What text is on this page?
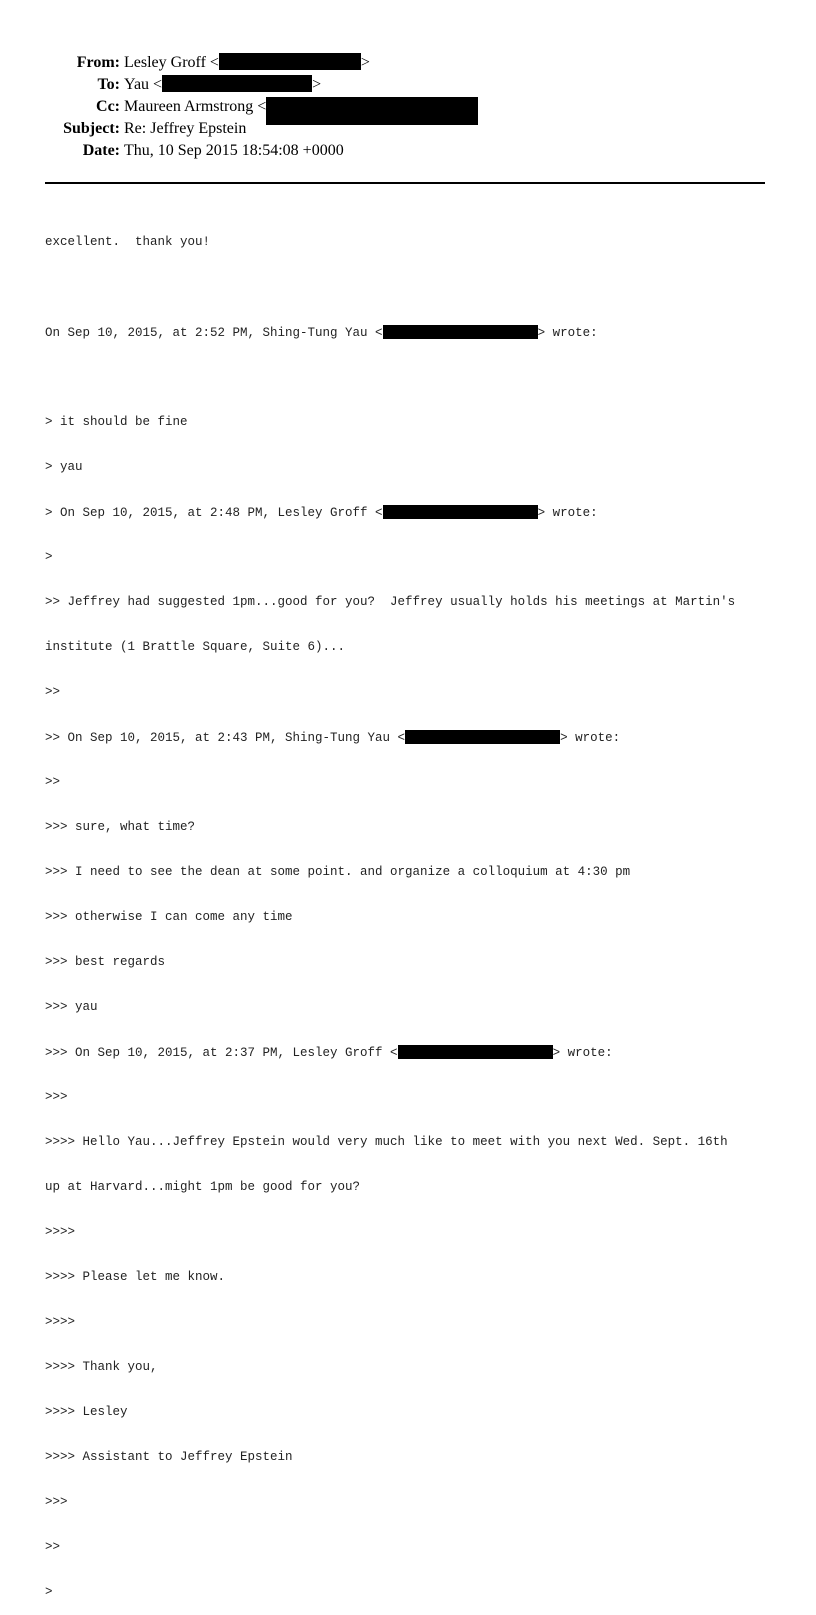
From: Lesley Groff <	>
To: Yau <	>
Cc: Maureen Armstrong <
Subject: Re: Jeffrey Epstein
Date: Thu, 10 Sep 2015 18:54:08 +0000

excellent.  thank you!

On Sep 10, 2015, at 2:52 PM, Shing-Tung Yau <	> wrote:

> it should be fine

> yau

> On Sep 10, 2015, at 2:48 PM, Lesley Groff <	> wrote:

>

>> Jeffrey had suggested 1pm...good for you?  Jeffrey usually holds his meetings at Martin's

institute (1 Brattle Square, Suite 6)...

>>

>> On Sep 10, 2015, at 2:43 PM, Shing-Tung Yau <	> wrote:

>>

>>> sure, what time?

>>> I need to see the dean at some point. and organize a colloquium at 4:30 pm

>>> otherwise I can come any time

>>> best regards

>>> yau

>>> On Sep 10, 2015, at 2:37 PM, Lesley Groff <	> wrote:

>>>

>>>> Hello Yau...Jeffrey Epstein would very much like to meet with you next Wed. Sept. 16th

up at Harvard...might 1pm be good for you?

>>>>

>>>> Please let me know.

>>>>

>>>> Thank you,

>>>> Lesley

>>>> Assistant to Jeffrey Epstein

>>>

>>

>
